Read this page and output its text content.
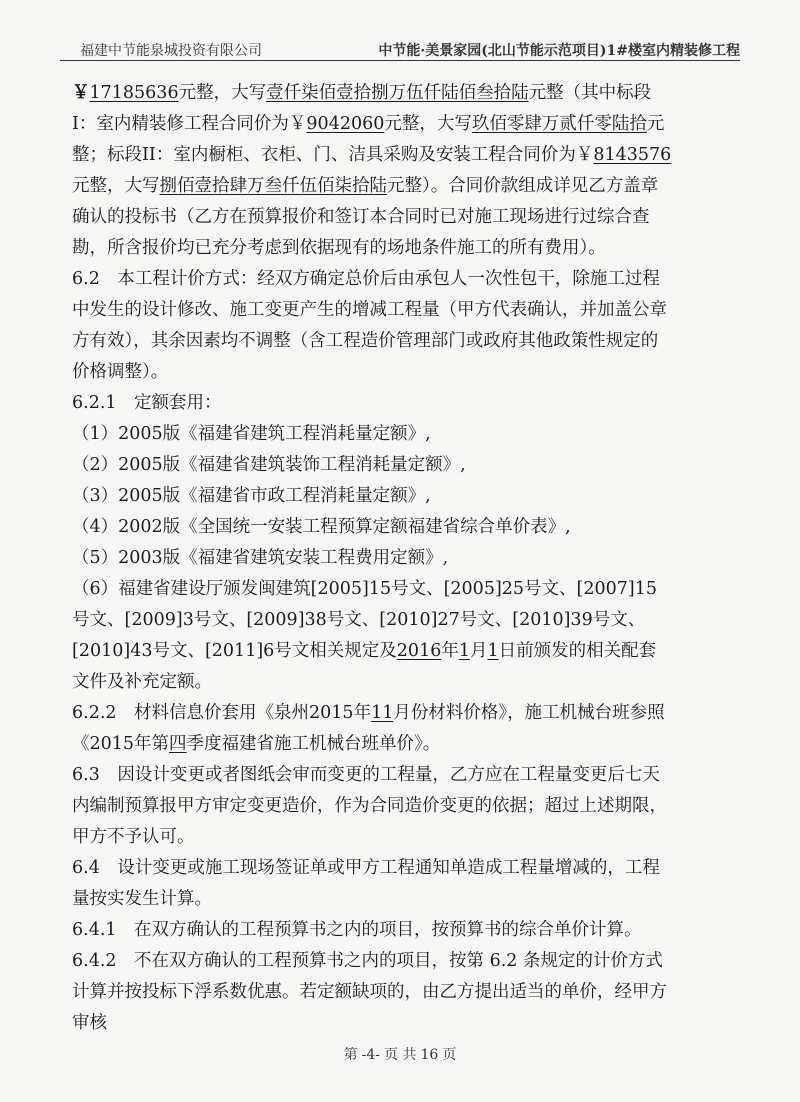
福建中节能泉城投资有限公司	中节能·美景家园(北山节能示范项目)1#楼室内精装修工程

￥17185636元整，大写壹仟柒佰壹拾捌万伍仟陆佰叁拾陆元整（其中标段I：室内精装修工程合同价为￥9042060元整，大写玖佰零肆万贰仟零陆拾元整；标段II：室内橱柜、衣柜、门、洁具采购及安装工程合同价为￥8143576元整，大写捌佰壹拾肆万叁仟伍佰柒拾陆元整）。合同价款组成详见乙方盖章确认的投标书（乙方在预算报价和签订本合同时已对施工现场进行过综合查勘，所含报价均已充分考虑到依据现有的场地条件施工的所有费用）。

6.2　本工程计价方式：经双方确定总价后由承包人一次性包干，除施工过程中发生的设计修改、施工变更产生的增减工程量（甲方代表确认，并加盖公章方有效），其余因素均不调整（含工程造价管理部门或政府其他政策性规定的价格调整）。

6.2.1　定额套用：

（1）2005版《福建省建筑工程消耗量定额》,

（2）2005版《福建省建筑装饰工程消耗量定额》,

（3）2005版《福建省市政工程消耗量定额》,

（4）2002版《全国统一安装工程预算定额福建省综合单价表》,

（5）2003版《福建省建筑安装工程费用定额》,

（6）福建省建设厅颁发闽建筑[2005]15号文、[2005]25号文、[2007]15号文、[2009]3号文、[2009]38号文、[2010]27号文、[2010]39号文、[2010]43号文、[2011]6号文相关规定及2016年1月1日前颁发的相关配套文件及补充定额。

6.2.2　材料信息价套用《泉州2015年11月份材料价格》，施工机械台班参照《2015年第四季度福建省施工机械台班单价》。

6.3　因设计变更或者图纸会审而变更的工程量，乙方应在工程量变更后七天内编制预算报甲方审定变更造价，作为合同造价变更的依据；超过上述期限，甲方不予认可。

6.4　设计变更或施工现场签证单或甲方工程通知单造成工程量增减的，工程量按实发生计算。

6.4.1　在双方确认的工程预算书之内的项目，按预算书的综合单价计算。

6.4.2　不在双方确认的工程预算书之内的项目，按第 6.2 条规定的计价方式计算并按投标下浮系数优惠。若定额缺项的，由乙方提出适当的单价，经甲方审核

第 -4- 页 共 16 页
